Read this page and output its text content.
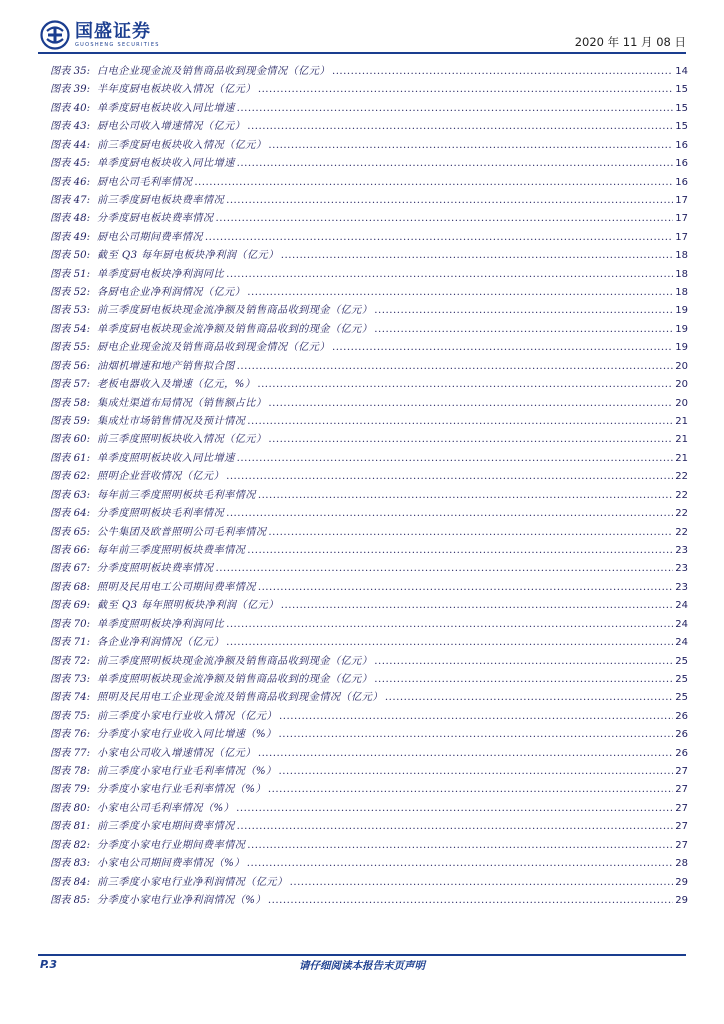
国盛证券
GUOSHENG SECURITIES	2020 年 11 月 08 日
图表 35: 白电企业现金流及销售商品收到现金情况（亿元） .....	14
图表 39: 半年度厨电板块收入情况（亿元） .....	15
图表 40: 单季度厨电板块收入同比增速 .....	15
图表 43: 厨电公司收入增速情况（亿元） .....	15
图表 44: 前三季度厨电板块收入情况（亿元） .....	16
图表 45: 单季度厨电板块收入同比增速 .....	16
图表 46: 厨电公司毛利率情况 .....	16
图表 47: 前三季度厨电板块费率情况 .....	17
图表 48: 分季度厨电板块费率情况 .....	17
图表 49: 厨电公司期间费率情况 .....	17
图表 50: 截至 Q3 每年厨电板块净利润（亿元） .....	18
图表 51: 单季度厨电板块净利润同比 .....	18
图表 52: 各厨电企业净利润情况（亿元） .....	18
图表 53: 前三季度厨电板块现金流净额及销售商品收到现金（亿元） .....	19
图表 54: 单季度厨电板块现金流净额及销售商品收到的现金（亿元） .....	19
图表 55: 厨电企业现金流及销售商品收到现金情况（亿元） .....	19
图表 56: 油烟机增速和地产销售拟合图 .....	20
图表 57: 老板电器收入及增速（亿元，%） .....	20
图表 58: 集成灶渠道布局情况（销售额占比） .....	20
图表 59: 集成灶市场销售情况及预计情况 .....	21
图表 60: 前三季度照明板块收入情况（亿元） .....	21
图表 61: 单季度照明板块收入同比增速 .....	21
图表 62: 照明企业营收情况（亿元） .....	22
图表 63: 每年前三季度照明板块毛利率情况 .....	22
图表 64: 分季度照明板块毛利率情况 .....	22
图表 65: 公牛集团及欧普照明公司毛利率情况 .....	22
图表 66: 每年前三季度照明板块费率情况 .....	23
图表 67: 分季度照明板块费率情况 .....	23
图表 68: 照明及民用电工公司期间费率情况 .....	23
图表 69: 截至 Q3 每年照明板块净利润（亿元） .....	24
图表 70: 单季度照明板块净利润同比 .....	24
图表 71: 各企业净利润情况（亿元） .....	24
图表 72: 前三季度照明板块现金流净额及销售商品收到现金（亿元） .....	25
图表 73: 单季度照明板块现金流净额及销售商品收到的现金（亿元） .....	25
图表 74: 照明及民用电工企业现金流及销售商品收到现金情况（亿元） .....	25
图表 75: 前三季度小家电行业收入情况（亿元） .....	26
图表 76: 分季度小家电行业收入同比增速（%） .....	26
图表 77: 小家电公司收入增速情况（亿元） .....	26
图表 78: 前三季度小家电行业毛利率情况（%） .....	27
图表 79: 分季度小家电行业毛利率情况（%） .....	27
图表 80: 小家电公司毛利率情况（%） .....	27
图表 81: 前三季度小家电期间费率情况 .....	27
图表 82: 分季度小家电行业期间费率情况 .....	27
图表 83: 小家电公司期间费率情况（%） .....	28
图表 84: 前三季度小家电行业净利润情况（亿元） .....	29
图表 85: 分季度小家电行业净利润情况（%） .....	29
P.3	请仔细阅读本报告末页声明
